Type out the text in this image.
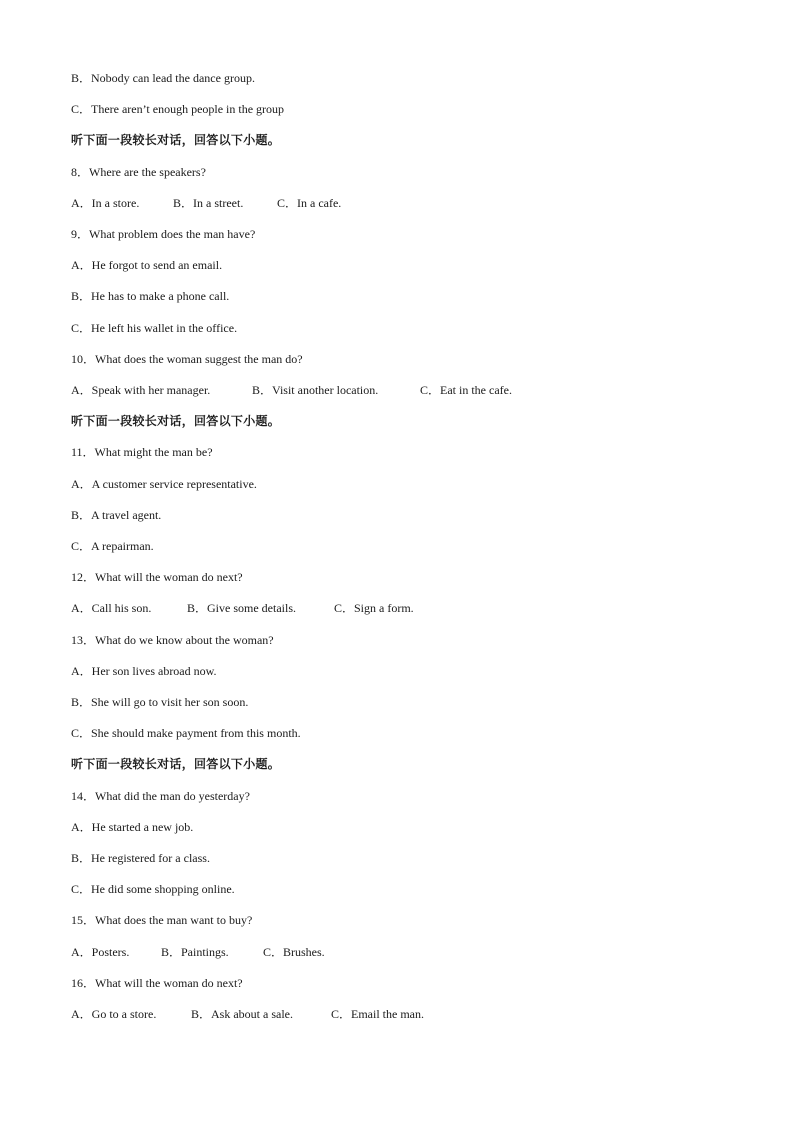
B．Nobody can lead the dance group.
C．There aren’t enough people in the group
听下面一段较长对话，回答以下小题。
8．Where are the speakers?
A．In a store.	B．In a street.	C．In a cafe.
9．What problem does the man have?
A．He forgot to send an email.
B．He has to make a phone call.
C．He left his wallet in the office.
10．What does the woman suggest the man do?
A．Speak with her manager.	B．Visit another location.	C．Eat in the cafe.
听下面一段较长对话，回答以下小题。
11．What might the man be?
A．A customer service representative.
B．A travel agent.
C．A repairman.
12．What will the woman do next?
A．Call his son.	B．Give some details.	C．Sign a form.
13．What do we know about the woman?
A．Her son lives abroad now.
B．She will go to visit her son soon.
C．She should make payment from this month.
听下面一段较长对话，回答以下小题。
14．What did the man do yesterday?
A．He started a new job.
B．He registered for a class.
C．He did some shopping online.
15．What does the man want to buy?
A．Posters.	B．Paintings.	C．Brushes.
16．What will the woman do next?
A．Go to a store.	B．Ask about a sale.	C．Email the man.
